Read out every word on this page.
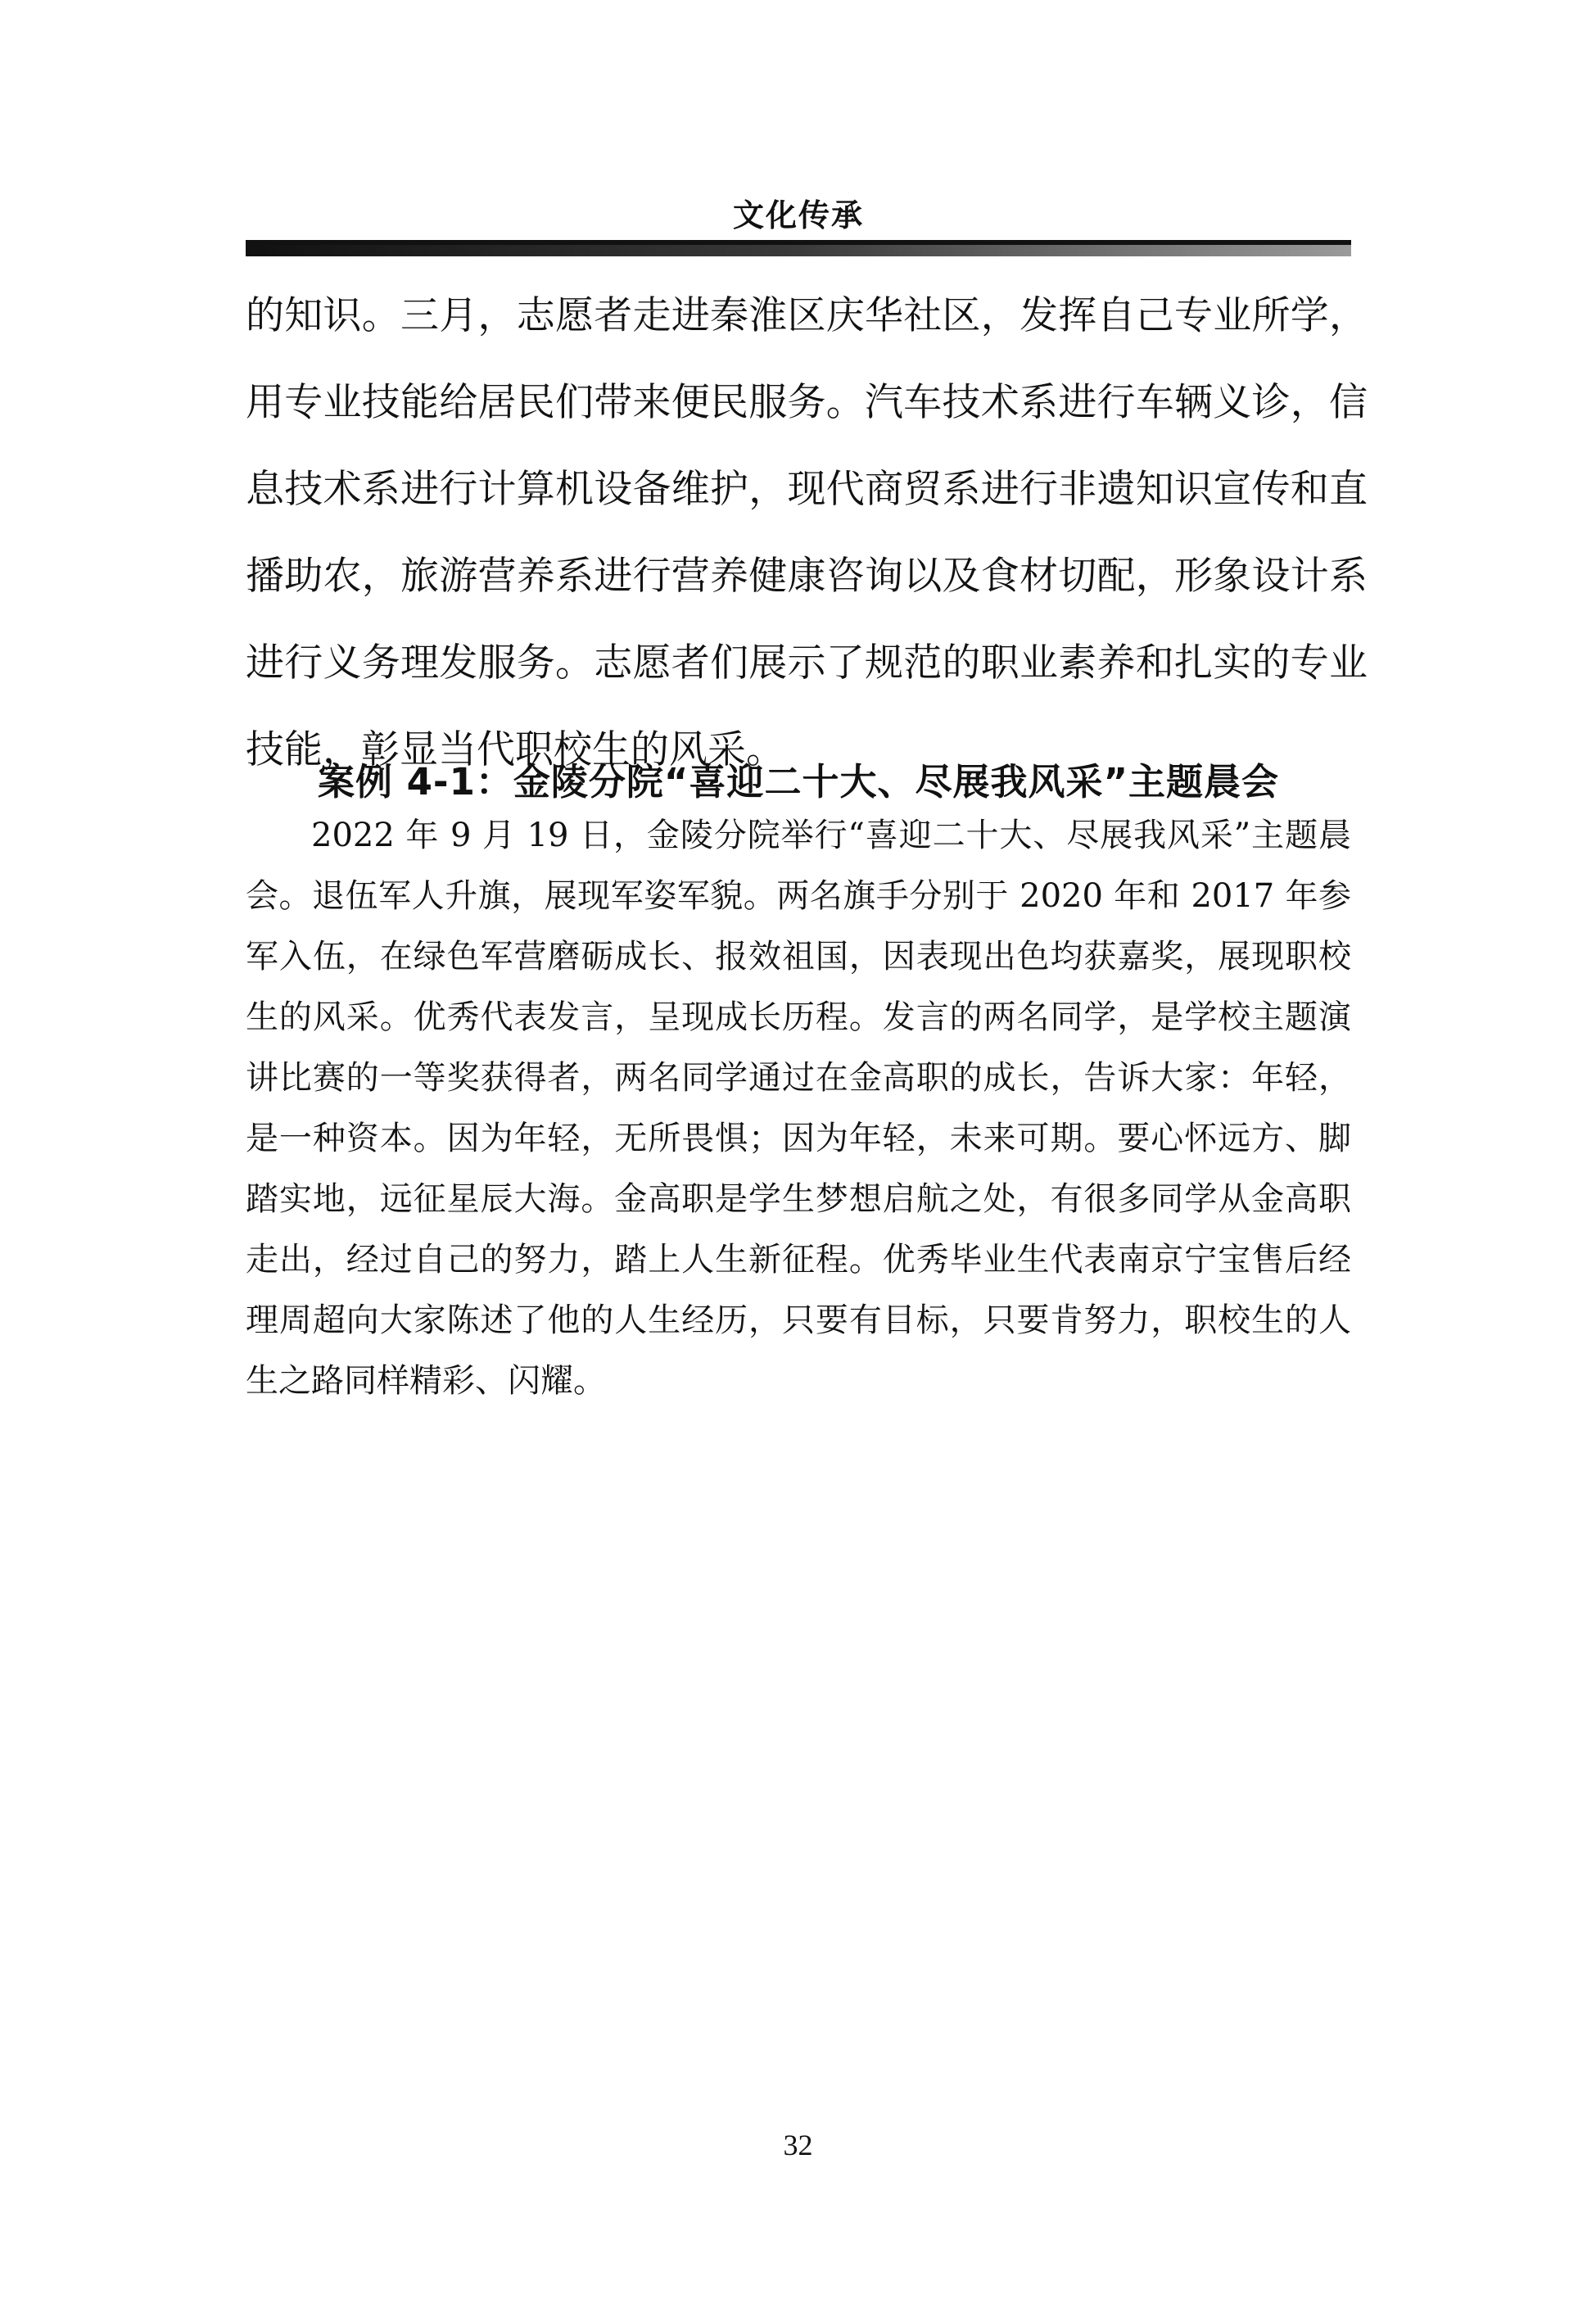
文化传承

的知识。三月，志愿者走进秦淮区庆华社区，发挥自己专业所学，用专业技能给居民们带来便民服务。汽车技术系进行车辆义诊，信息技术系进行计算机设备维护，现代商贸系进行非遗知识宣传和直播助农，旅游营养系进行营养健康咨询以及食材切配，形象设计系进行义务理发服务。志愿者们展示了规范的职业素养和扎实的专业技能，彰显当代职校生的风采。

案例 4-1：金陵分院“喜迎二十大、尽展我风采”主题晨会

2022 年 9 月 19 日，金陵分院举行“喜迎二十大、尽展我风采”主题晨会。退伍军人升旗，展现军姿军貌。两名旗手分别于 2020 年和 2017 年参军入伍，在绿色军营磨砺成长、报效祖国，因表现出色均获嘉奖，展现职校生的风采。优秀代表发言，呈现成长历程。发言的两名同学，是学校主题演讲比赛的一等奖获得者，两名同学通过在金高职的成长，告诉大家：年轻，是一种资本。因为年轻，无所畏惧；因为年轻，未来可期。要心怀远方、脚踏实地，远征星辰大海。金高职是学生梦想启航之处，有很多同学从金高职走出，经过自己的努力，踏上人生新征程。优秀毕业生代表南京宁宝售后经理周超向大家陈述了他的人生经历，只要有目标，只要肯努力，职校生的人生之路同样精彩、闪耀。

32
